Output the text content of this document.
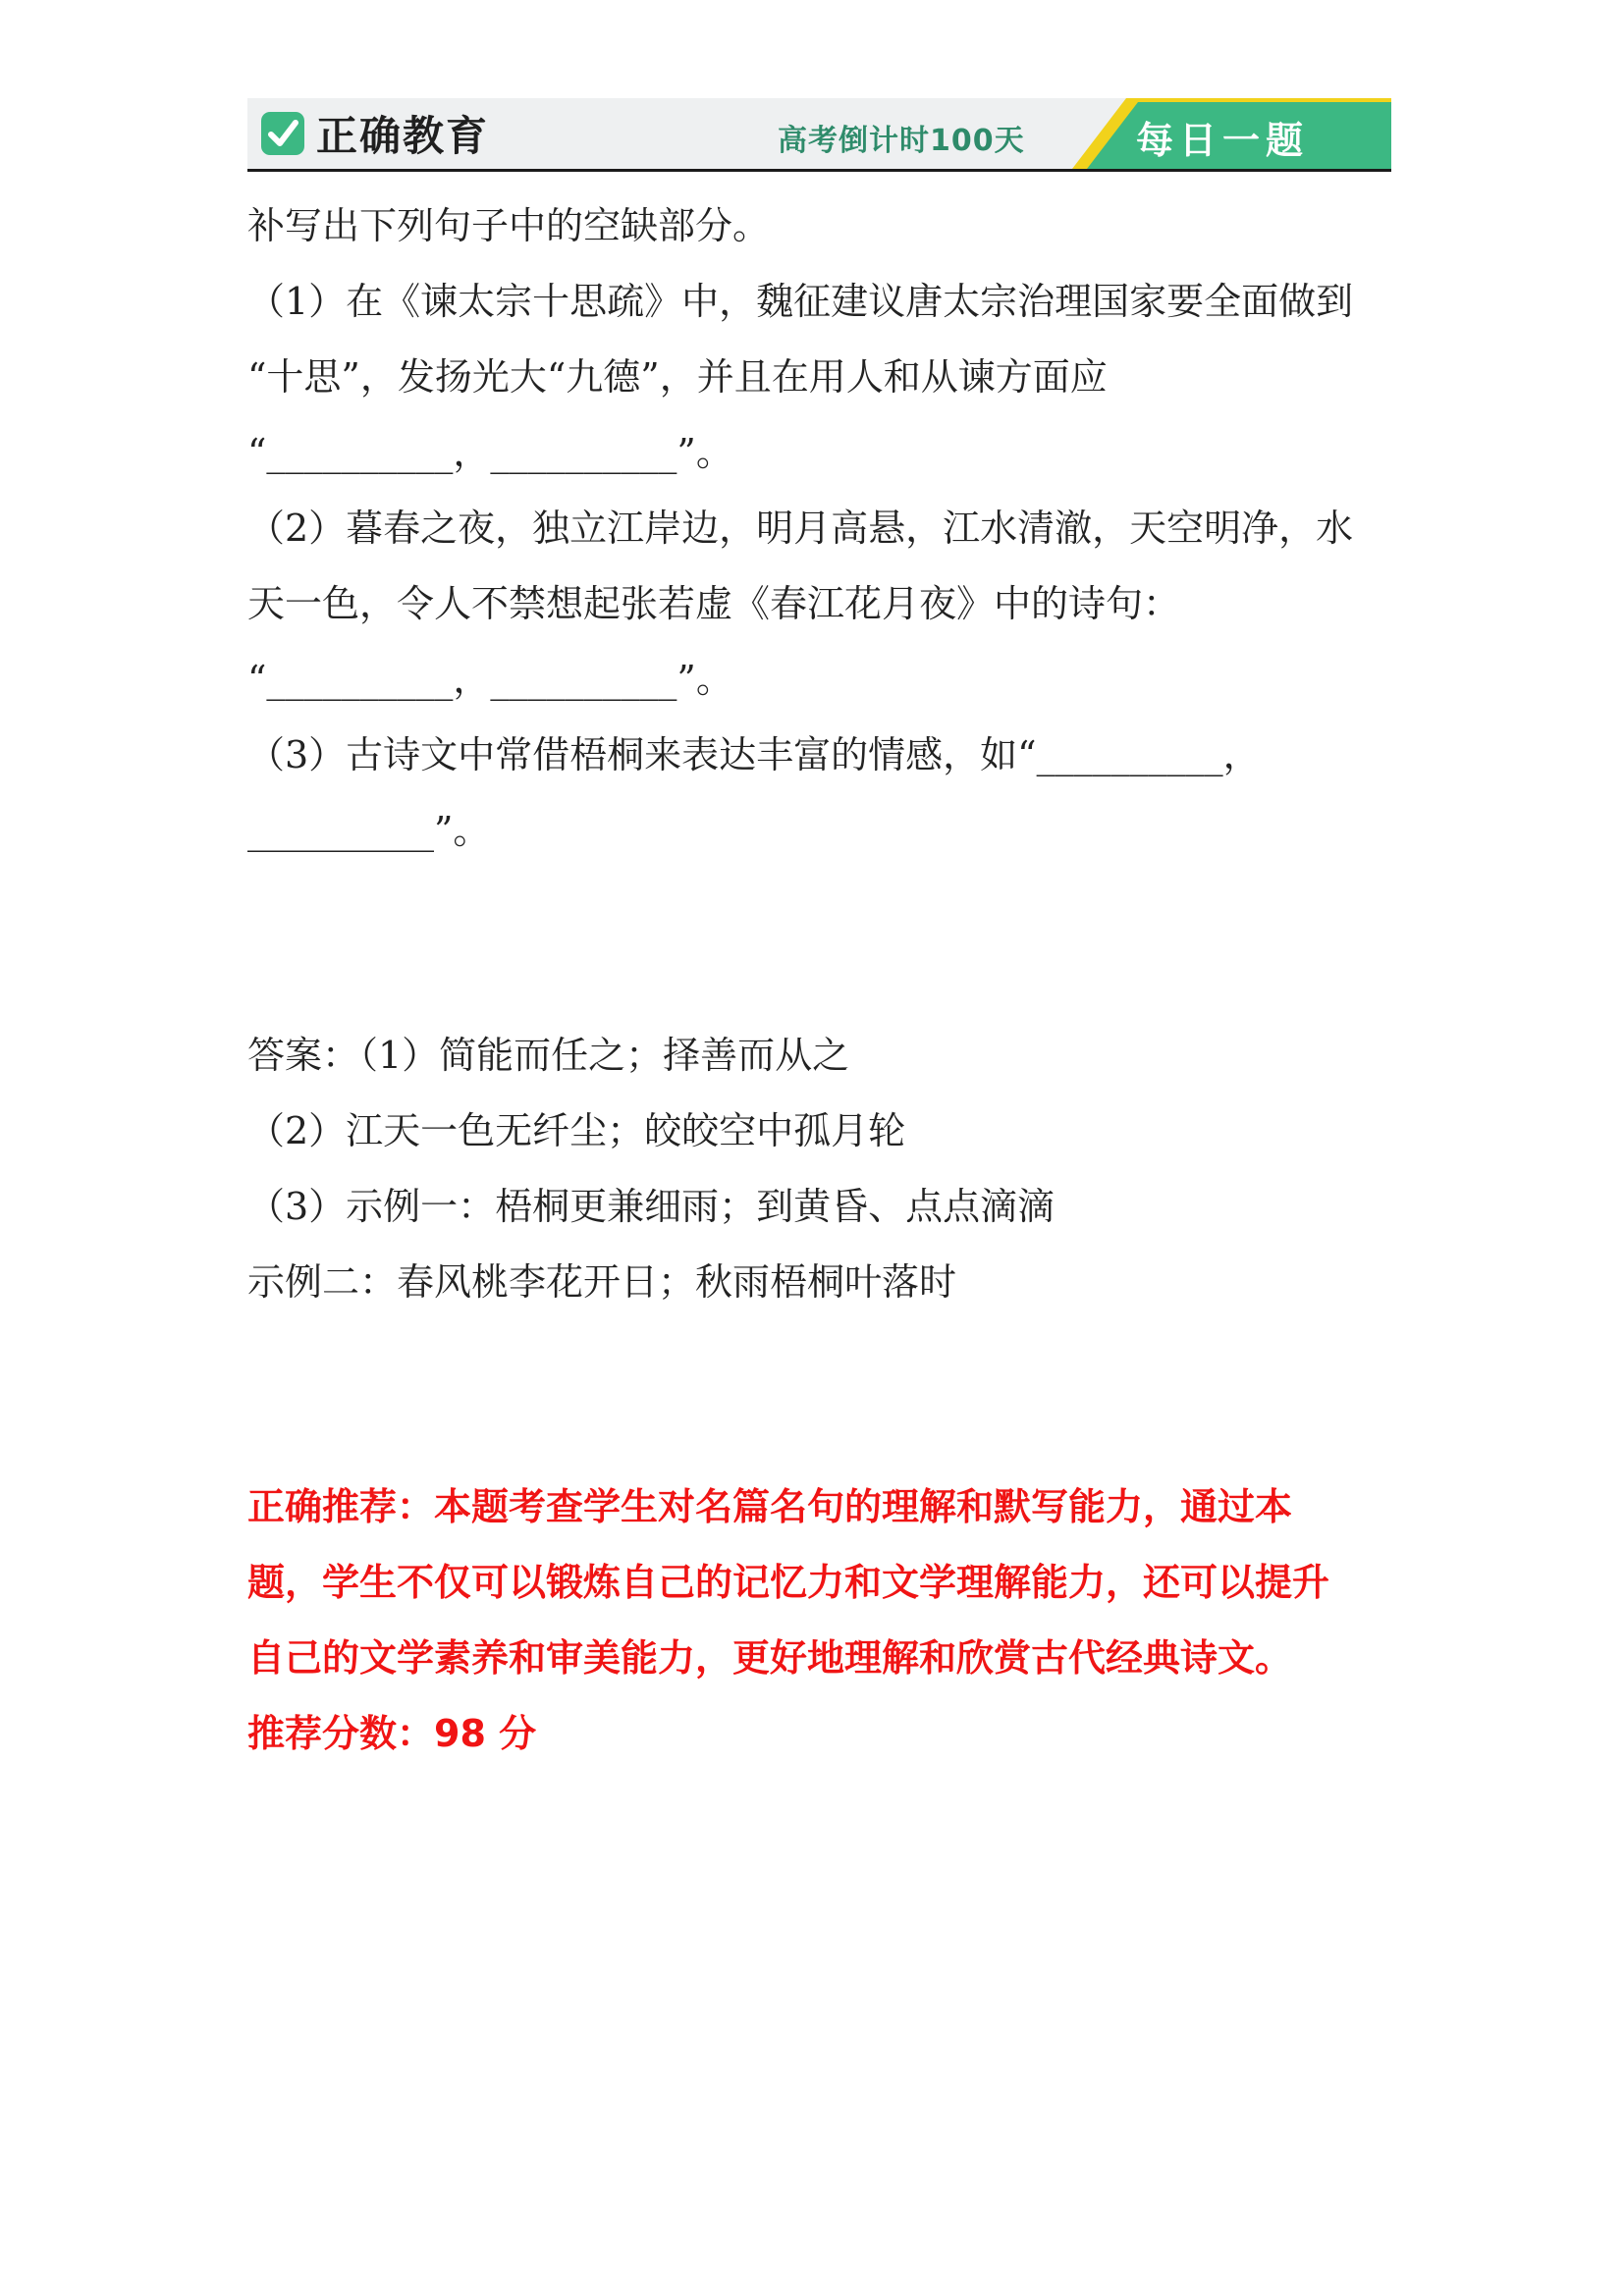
正确教育	高考倒计时100天	每日一题
补写出下列句子中的空缺部分。
（1）在《谏太宗十思疏》中，魏征建议唐太宗治理国家要全面做到
“十思”，发扬光大“九德”，并且在用人和从谏方面应
“__________，__________”。
（2）暮春之夜，独立江岸边，明月高悬，江水清澈，天空明净，水
天一色，令人不禁想起张若虚《春江花月夜》中的诗句：
“__________，__________”。
（3）古诗文中常借梧桐来表达丰富的情感，如“__________，
__________”。
答案：（1）简能而任之；择善而从之
（2）江天一色无纤尘；皎皎空中孤月轮
（3）示例一：梧桐更兼细雨；到黄昏、点点滴滴
示例二：春风桃李花开日；秋雨梧桐叶落时
正确推荐：本题考查学生对名篇名句的理解和默写能力，通过本
题，学生不仅可以锻炼自己的记忆力和文学理解能力，还可以提升
自己的文学素养和审美能力，更好地理解和欣赏古代经典诗文。
推荐分数：98 分
